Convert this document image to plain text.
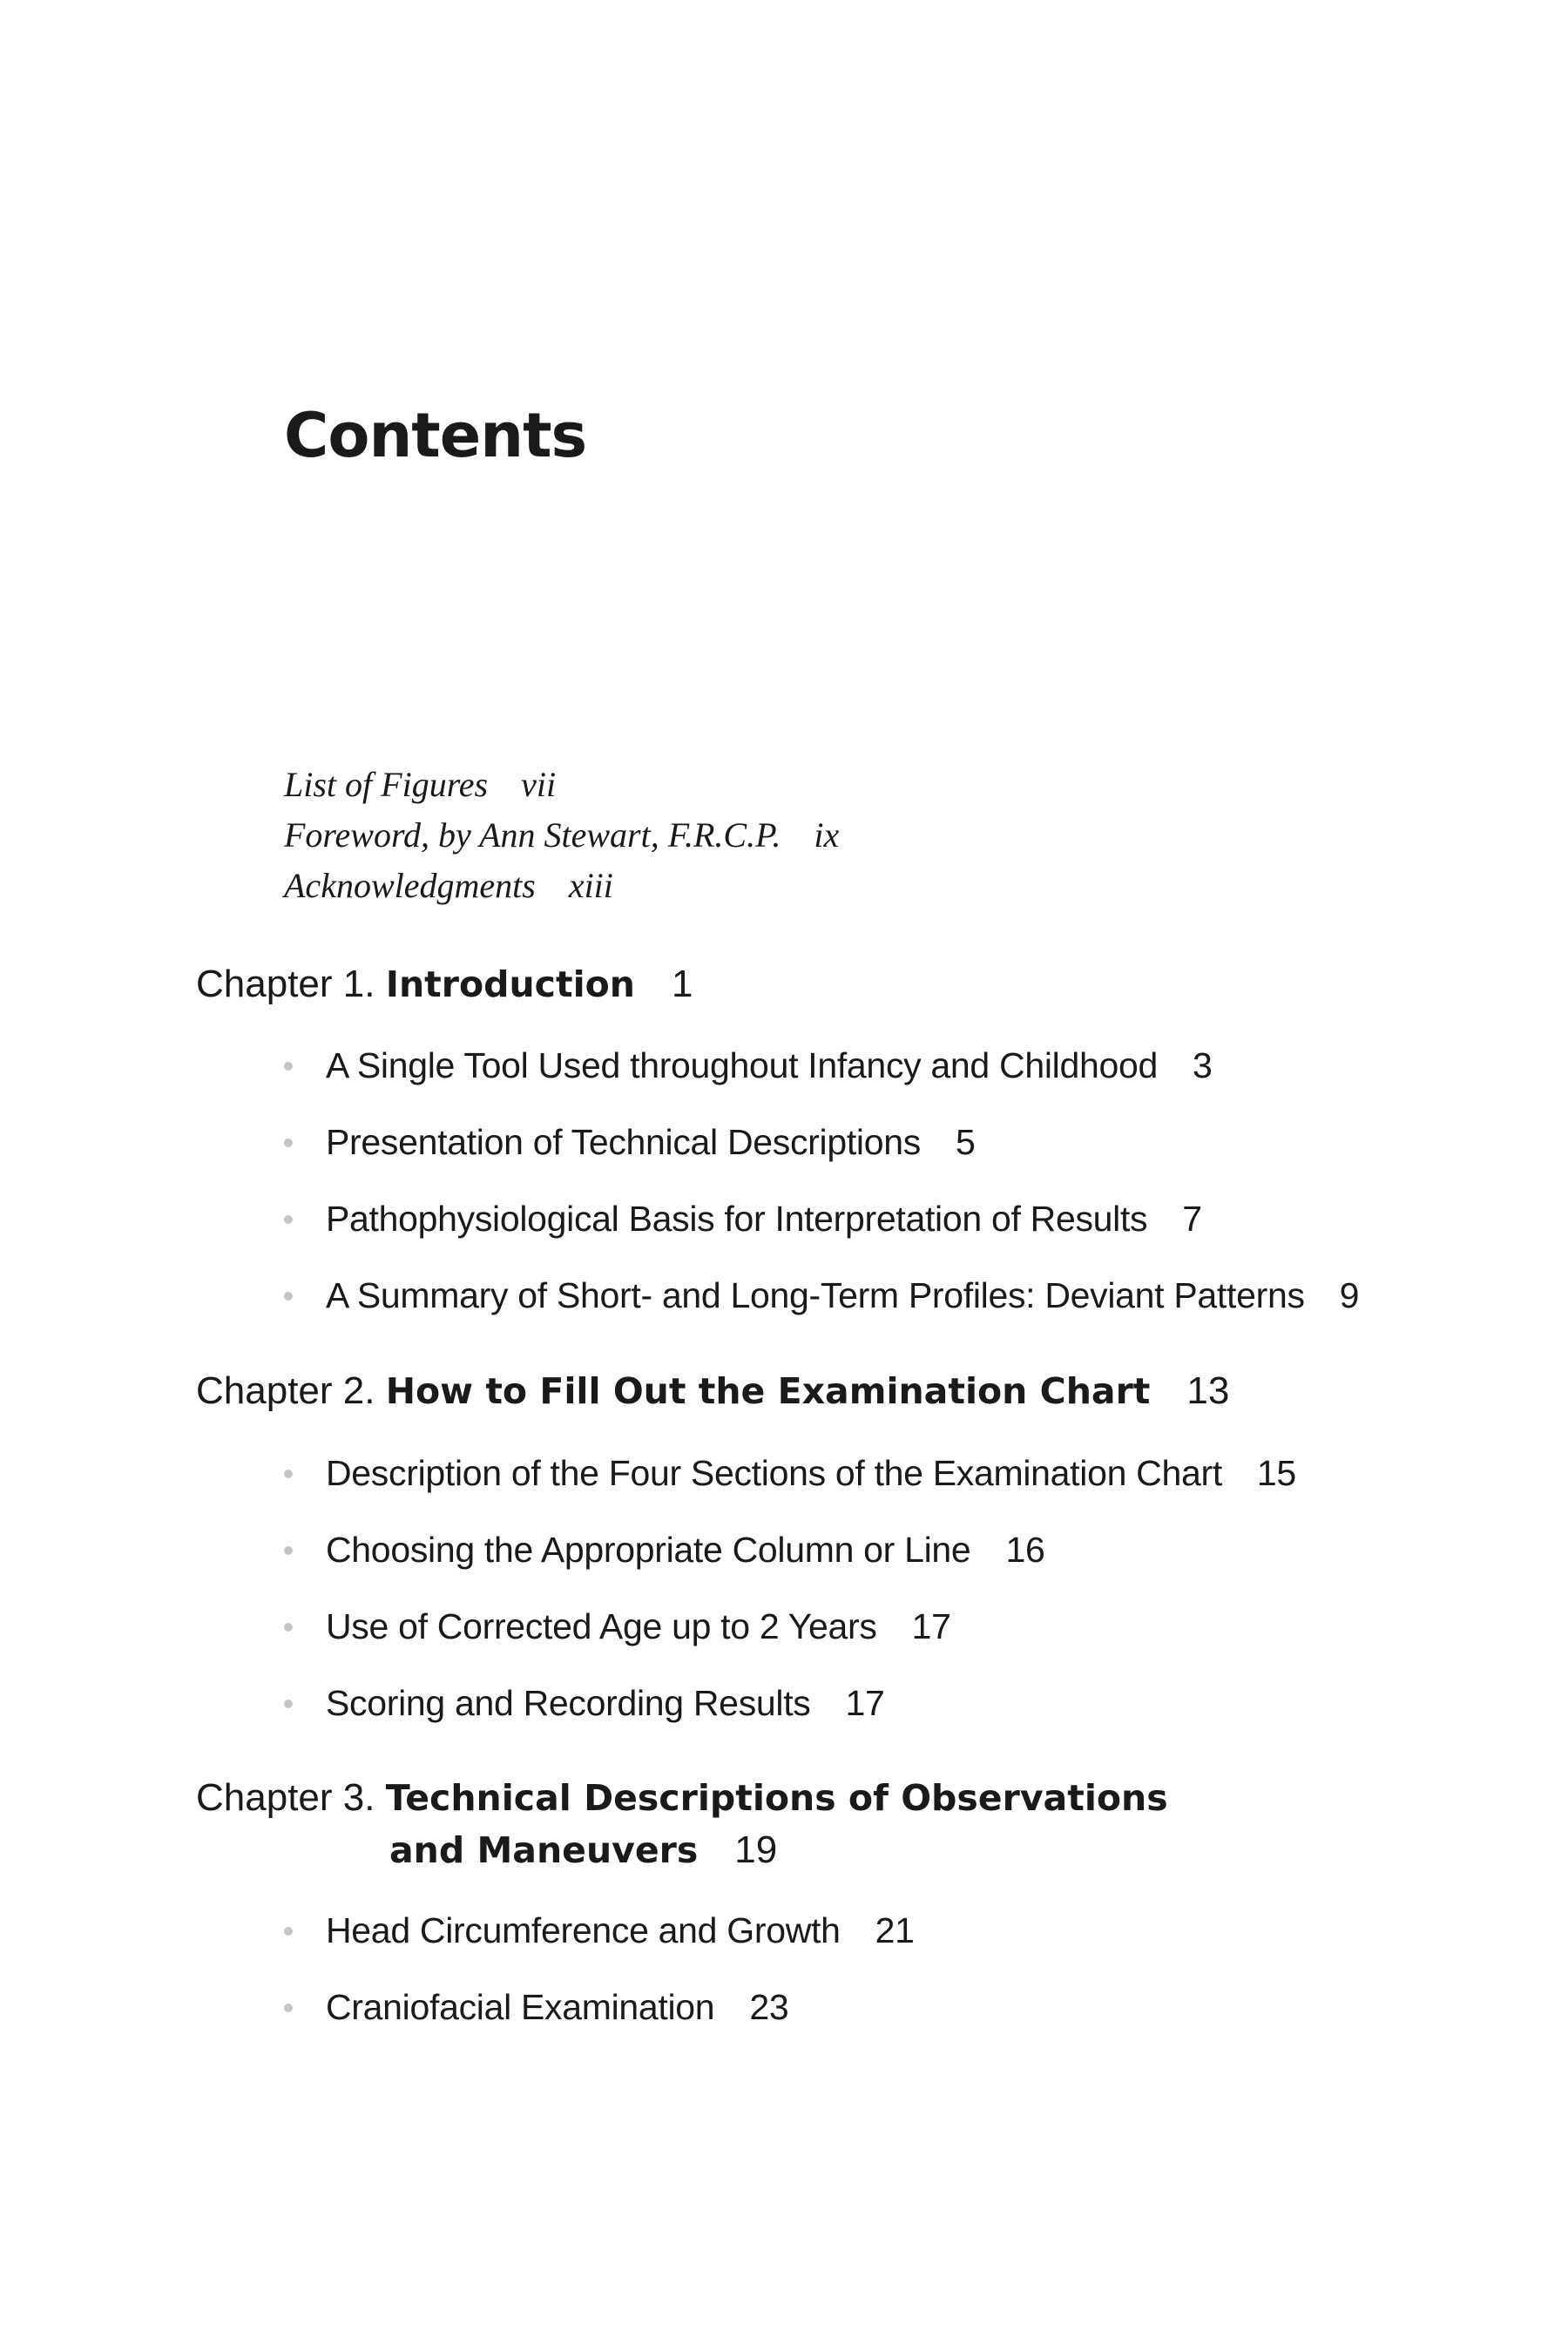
Contents
List of Figures vii
Foreword, by Ann Stewart, F.R.C.P. ix
Acknowledgments xiii
Chapter 1. Introduction 1
A Single Tool Used throughout Infancy and Childhood 3
Presentation of Technical Descriptions 5
Pathophysiological Basis for Interpretation of Results 7
A Summary of Short- and Long-Term Profiles: Deviant Patterns 9
Chapter 2. How to Fill Out the Examination Chart 13
Description of the Four Sections of the Examination Chart 15
Choosing the Appropriate Column or Line 16
Use of Corrected Age up to 2 Years 17
Scoring and Recording Results 17
Chapter 3. Technical Descriptions of Observations
and Maneuvers 19
Head Circumference and Growth 21
Craniofacial Examination 23
